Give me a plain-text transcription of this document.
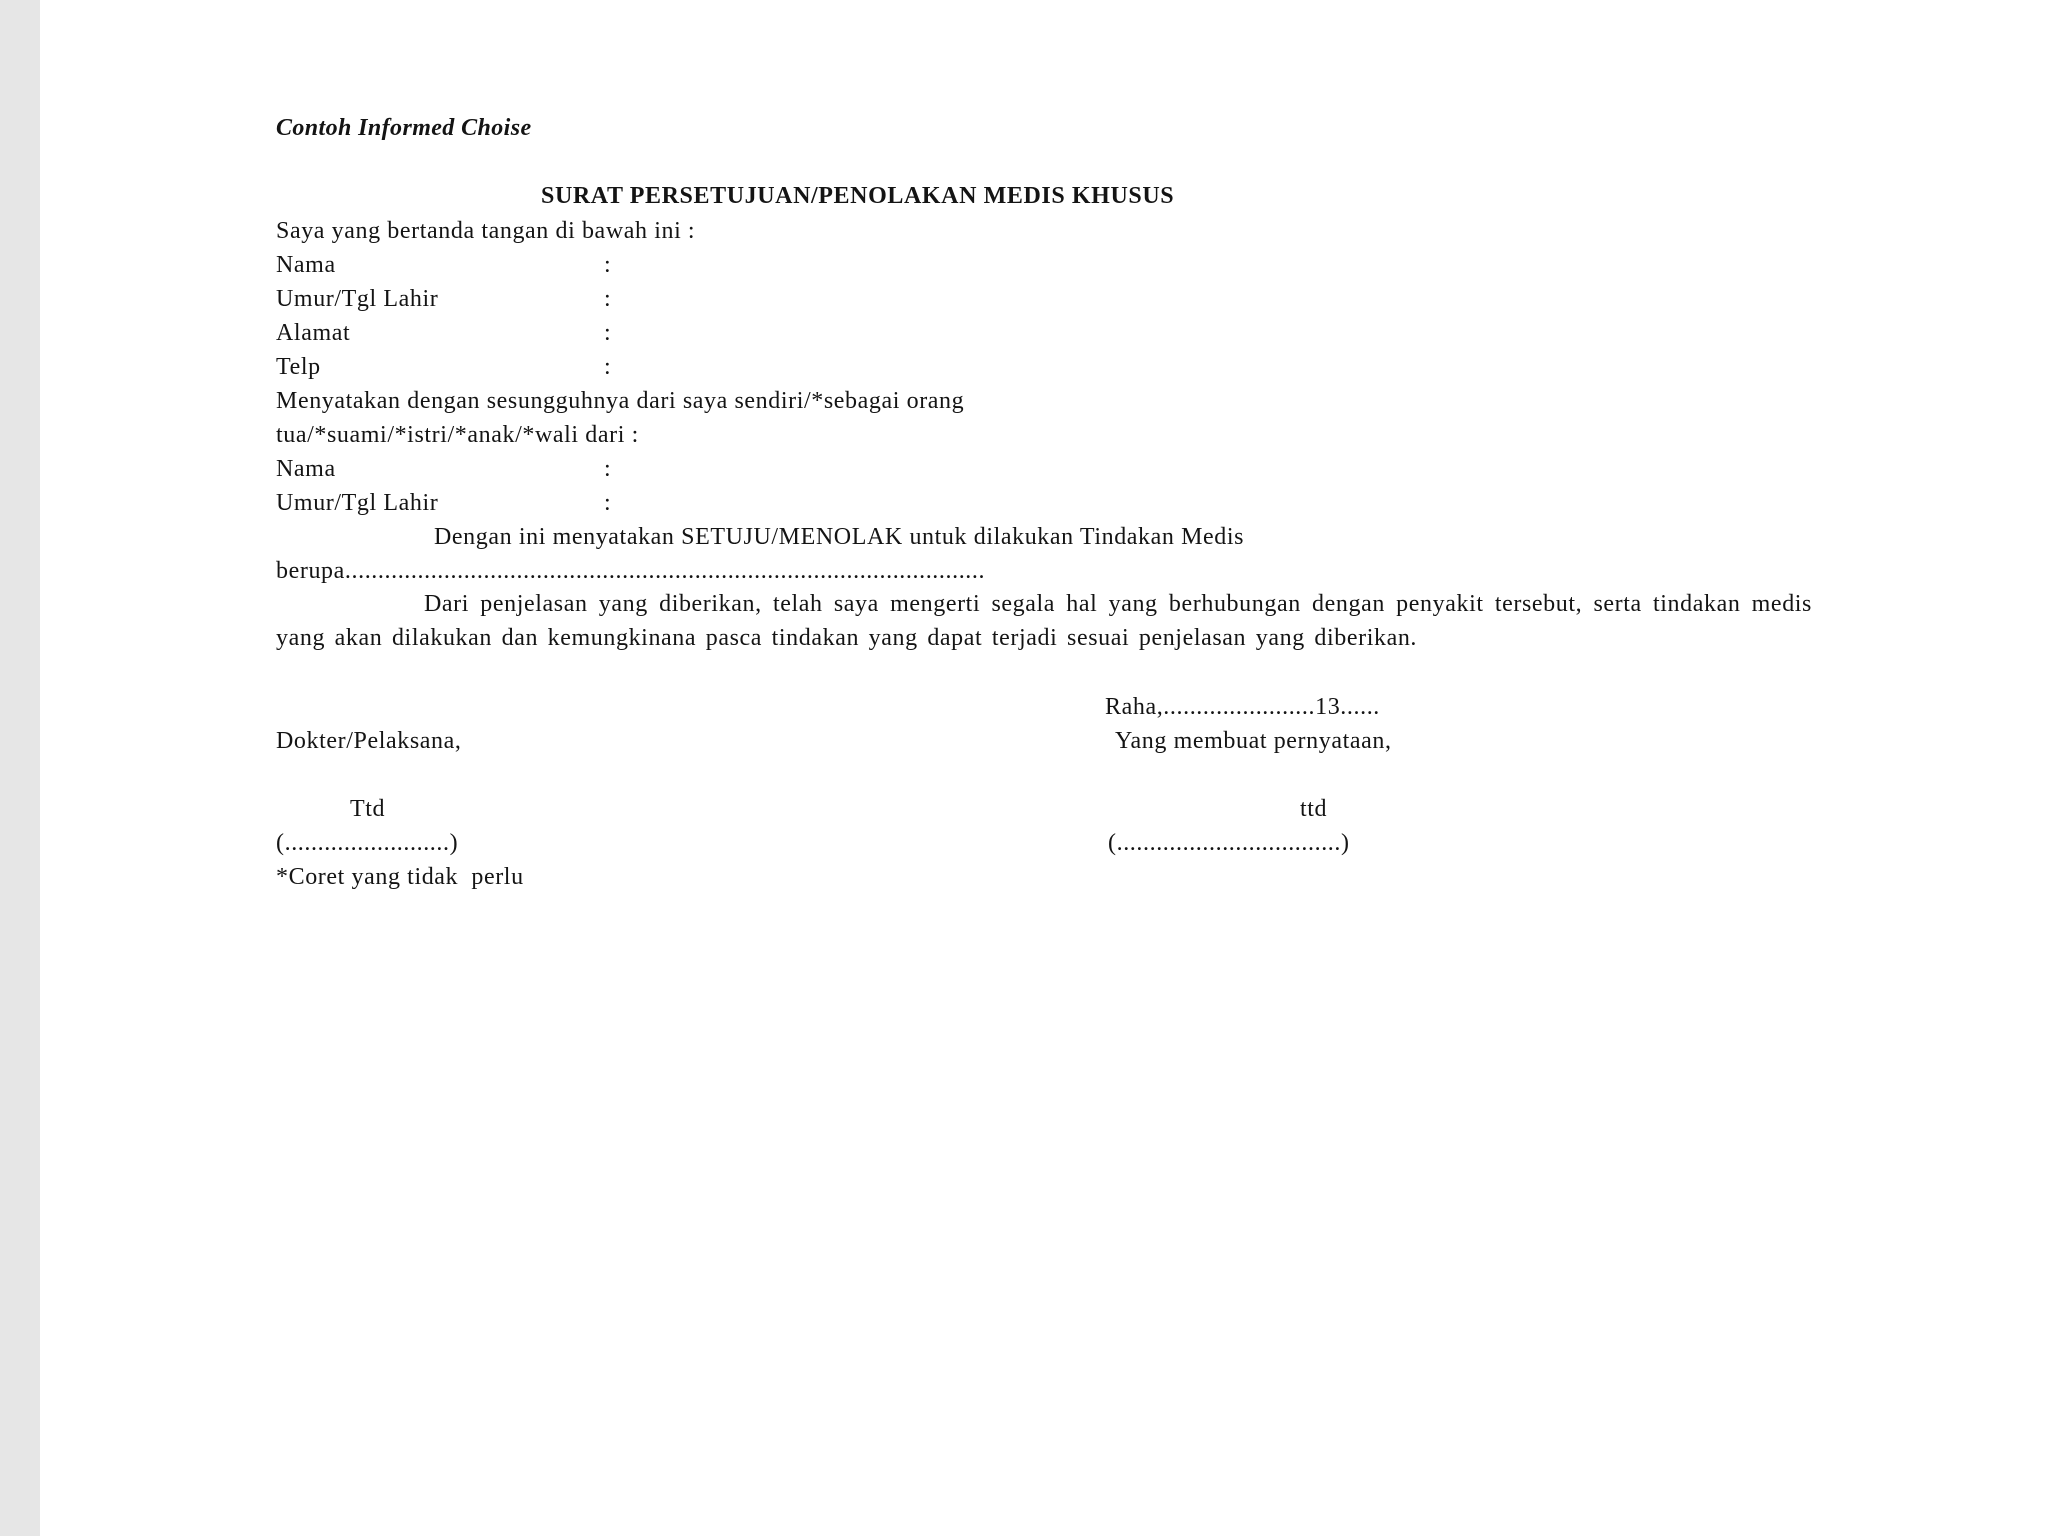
Contoh Informed Choise
SURAT PERSETUJUAN/PENOLAKAN MEDIS KHUSUS
Saya yang bertanda tangan di bawah ini :
Nama	:
Umur/Tgl Lahir	:
Alamat	:
Telp	:
Menyatakan dengan sesungguhnya dari saya sendiri/*sebagai orang
tua/*suami/*istri/*anak/*wali dari :
Nama	:
Umur/Tgl Lahir	:
Dengan ini menyatakan SETUJU/MENOLAK untuk dilakukan Tindakan Medis
berupa.................................................................................................
Dari penjelasan yang diberikan, telah saya mengerti segala hal yang berhubungan dengan penyakit tersebut, serta tindakan medis yang akan dilakukan dan kemungkinana pasca tindakan yang dapat terjadi sesuai penjelasan yang diberikan.
Raha,.......................13......
Dokter/Pelaksana,	Yang membuat pernyataan,
Ttd	ttd
(.........................)	(..................................)
*Coret yang tidak  perlu
